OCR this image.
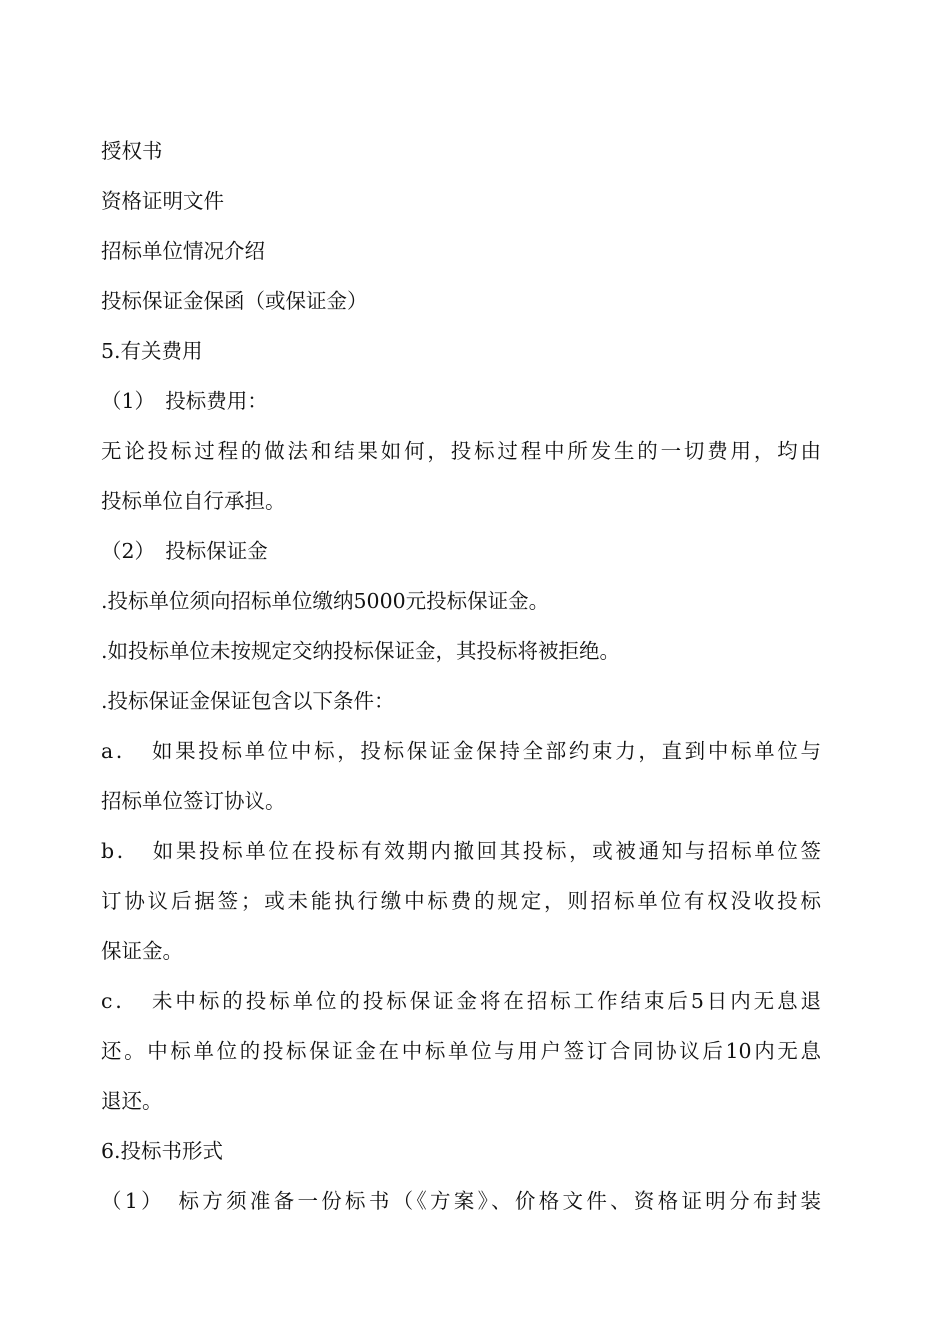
授权书
资格证明文件
招标单位情况介绍
投标保证金保函（或保证金）
5.有关费用
（1）　投标费用：
无论投标过程的做法和结果如何，投标过程中所发生的一切费用，均由
投标单位自行承担。
（2）　投标保证金
.投标单位须向招标单位缴纳5000元投标保证金。
.如投标单位未按规定交纳投标保证金，其投标将被拒绝。
.投标保证金保证包含以下条件：
a．　如果投标单位中标，投标保证金保持全部约束力，直到中标单位与
招标单位签订协议。
b．　如果投标单位在投标有效期内撤回其投标，或被通知与招标单位签
订协议后据签；或未能执行缴中标费的规定，则招标单位有权没收投标
保证金。
c．　未中标的投标单位的投标保证金将在招标工作结束后5日内无息退
还。中标单位的投标保证金在中标单位与用户签订合同协议后10内无息
退还。
6.投标书形式
（1）　标方须准备一份标书（《方案》、价格文件、资格证明分布封装
